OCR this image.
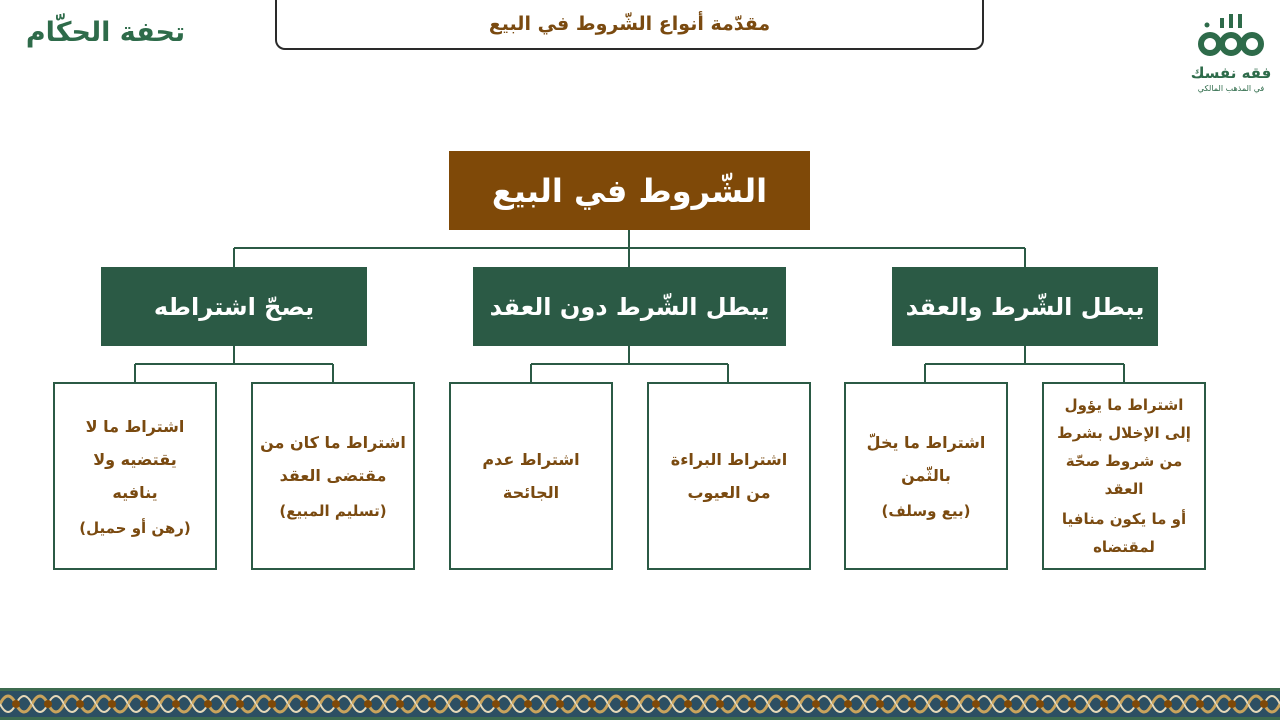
مقدّمة أنواع الشّروط في البيع
تحفة الحكّام
فقه نفسك
في المذهب المالكي
الشّروط في البيع
يبطل الشّرط والعقد
يبطل الشّرط دون العقد
يصحّ اشتراطه
اشتراط ما يؤول إلى الإخلال بشرط من شروط صحّة العقد
أو ما يكون منافيا لمقتضاه
اشتراط ما يخلّ بالثّمن
(بيع وسلف)
اشتراط البراءة من العيوب
اشتراط عدم الجائحة
اشتراط ما كان من مقتضى العقد
(تسليم المبيع)
اشتراط ما لا يقتضيه ولا ينافيه
(رهن أو حميل)
